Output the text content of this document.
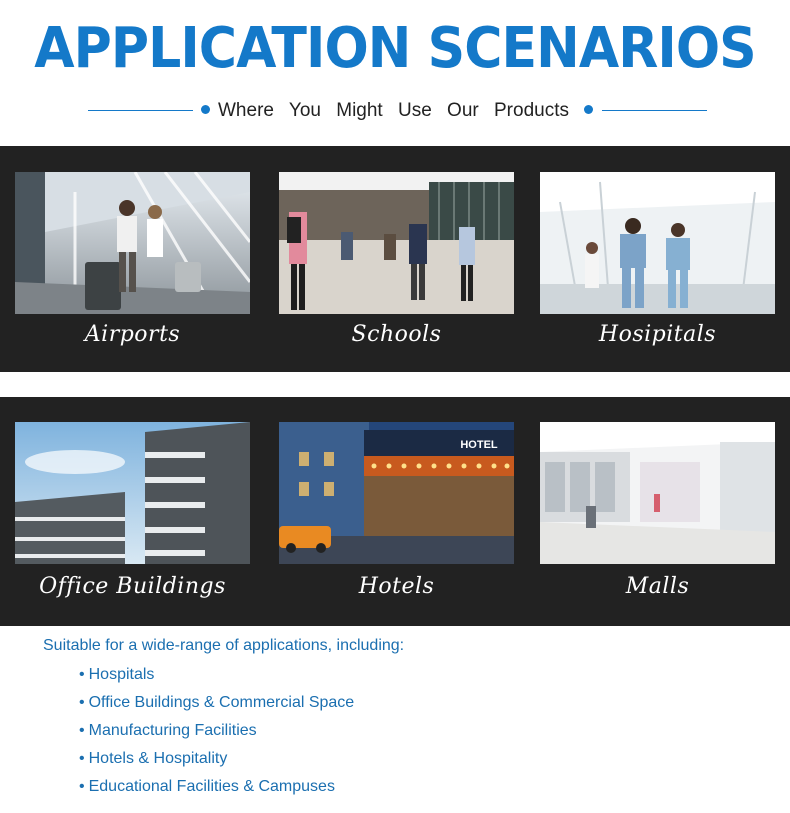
APPLICATION SCENARIOS
Where You Might Use Our Products
Airports	Schools	Hosipitals
Office Buildings
HOTEL
Hotels	Malls
Suitable for a wide-range of applications, including:
• Hospitals
• Office Buildings & Commercial Space
• Manufacturing Facilities
• Hotels & Hospitality
• Educational Facilities & Campuses
